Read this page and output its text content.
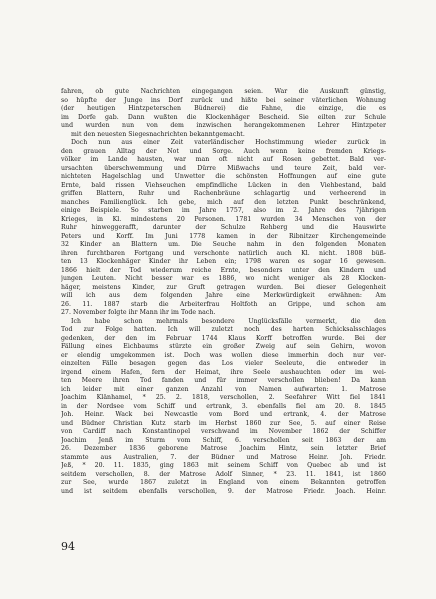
fahren, ob gute Nachrichten eingegangen seien. War die Auskunft günstig,
so hüpfte der Junge ins Dorf zurück und hißte bei seiner väterlichen Wohnung
(der heutigen Hintzpeterschen Büdnerei) die Fahne, die einzige, die es
im Dorfe gab. Dann wußten die Klockenhäger Bescheid. Sie eilten zur Schule
und wurden nun von dem inzwischen herangekommenen Lehrer Hintzpeter
mit den neuesten Siegesnachrichten bekanntgemacht.
Doch nun aus einer Zeit vaterländischer Hochstimmung wieder zurück in
den grauen Alltag der Not und Sorge. Auch wenn keine fremden Kriegs-
völker im Lande hausten, war man oft nicht auf Rosen gebettet. Bald ver-
ursachten überschwemmung und Dürre Mißwachs und teure Zeit, bald ver-
nichteten Hagelschlag und Unwetter die schönsten Hoffnungen auf eine gute
Ernte, bald rissen Viehseuchen empfindliche Lücken in den Viehbestand, bald
griffen Blattern, Ruhr und Rachenbräune schlagartig und verheerend in
manches Familienglück. Ich gebe, mich auf den letzten Punkt beschränkend,
einige Beispiele. So starben im Jahre 1757, also im 2. Jahre des 7jährigen
Krieges, in Kl. mindestens 20 Personen. 1781 wurden 34 Menschen von der
Ruhr hinweggerafft, darunter der Schulze Rehberg und die Hauswirte
Peters und Korff. Im Juni 1778 kamen in der Ribnitzer Kirchengemeinde
32 Kinder an Blattern um. Die Seuche nahm in den folgenden Monaten
ihren furchtbaren Fortgang und verschonte natürlich auch Kl. nicht. 1808 büß-
ten 13 Klockenhäger Kinder ihr Leben ein; 1798 waren es sogar 16 gewesen.
1866 hielt der Tod wiederum reiche Ernte, besonders unter den Kindern und
jungen Leuten. Nicht besser war es 1886, wo nicht weniger als 28 Klocken-
häger, meistens Kinder, zur Gruft getragen wurden. Bei dieser Gelegenheit
will ich aus dem folgenden Jahre eine Merkwürdigkeit erwähnen: Am
26. 11. 1887 starb die Arbeiterfrau Holtfoth an Grippe, und schon am
27. November folgte ihr Mann ihr im Tode nach.
Ich habe schon mehrmals besondere Unglücksfälle vermerkt, die den
Tod zur Folge hatten. Ich will zuletzt noch des harten Schicksalsschlages
gedenken, der den im Februar 1744 Klaus Korff betroffen wurde. Bei der
Fällung eines Eichbaums stürzte ein großer Zweig auf sein Gehirn, wovon
er elendig umgekommen ist. Doch was wollen diese immerhin doch nur ver-
einzelten Fälle besagen gegen das Los vieler Seeleute, die entweder in
irgend einem Hafen, fern der Heimat, ihre Seele aushauchten oder im wei-
ten Meere ihren Tod fanden und für immer verschollen blieben! Da kann
ich leider mit einer ganzen Anzahl von Namen aufwarten: 1. Matrose
Joachim Klänhamel, * 25. 2. 1818, verschollen, 2. Seefahrer Witt fiel 1841
in der Nordsee vom Schiff und ertrank, 3. ebenfalls fiel am 20. 8. 1845
Joh. Heinr. Wack bei Newcastle vom Bord und ertrank, 4. der Matrose
und Büdner Christian Kutz starb im Herbst 1860 zur See, 5. auf einer Reise
von Cardiff nach Konstantinopel verschwand im November 1862 der Schiffer
Joachim Jenß im Sturm vom Schiff, 6. verschollen seit 1863 der am
26. Dezember 1836 geborene Matrose Joachim Hintz, sein letzter Brief
stammte aus Australien, 7. der Büdner und Matrose Heinr. Joh. Friedr.
Jeß, * 20. 11. 1835, ging 1863 mit seinem Schiff von Quebec ab und ist
seitdem verschollen, 8. der Matrose Adolf Sinner, * 23. 11. 1841, ist 1860
zur See, wurde 1867 zuletzt in England von einem Bekannten getroffen
und ist seitdem ebenfalls verschollen, 9. der Matrose Friedr. Joach. Heinr.
94
